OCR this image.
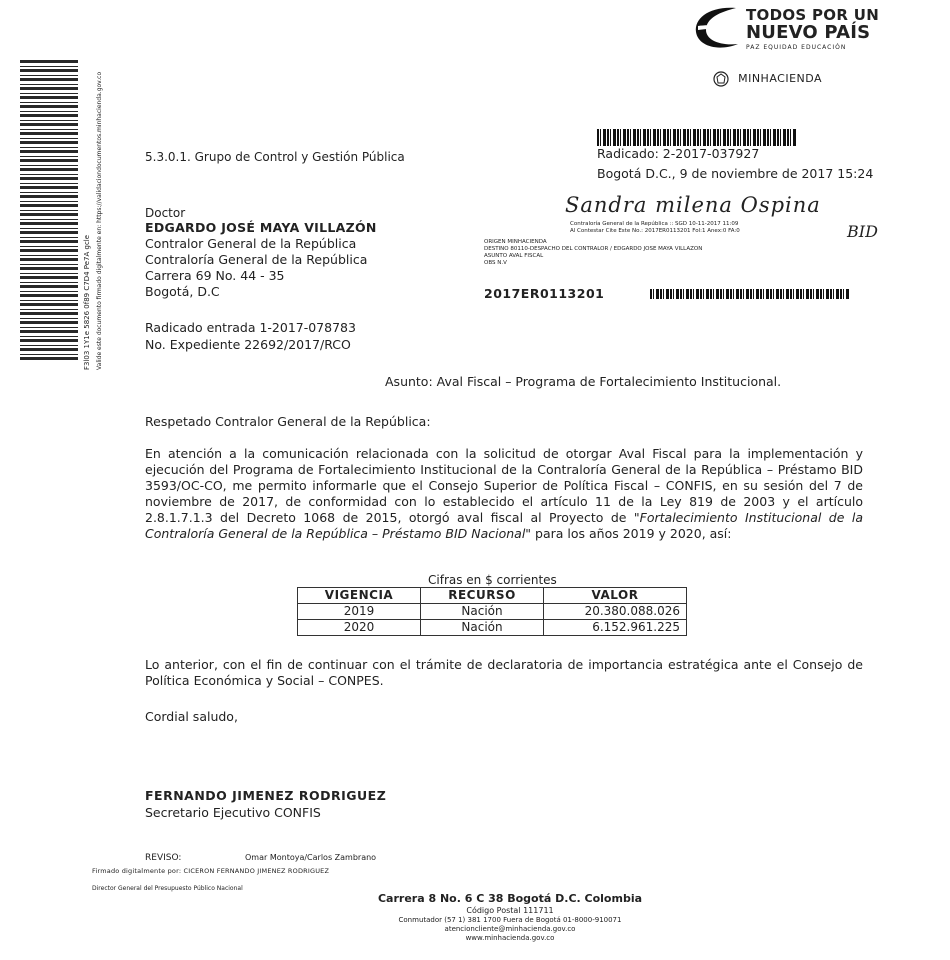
F3l03 1Y1e 5826 0f89 C7D4 Pe7A gcle Valide este documento firmado digitalmente en: https://validaciondocumentos.minhacienda.gov.co
TODOS POR UN
NUEVO PAÍS
PAZ EQUIDAD EDUCACIÓN
MINHACIENDA
5.3.0.1. Grupo de Control y Gestión Pública	Radicado: 2-2017-037927
Bogotá D.C., 9 de noviembre de 2017 15:24
Sandra milena Ospina
BID
Contraloría General de la República :: SGD 10-11-2017 11:09
Al Contestar Cite Este No.: 2017ER0113201 Fol:1 Anex:0 FA:0
ORIGEN MINHACIENDA
DESTINO 80110-DESPACHO DEL CONTRALOR / EDGARDO JOSE MAYA VILLAZON
ASUNTO AVAL FISCAL
OBS N.V
2017ER0113201
Doctor
EDGARDO JOSÉ MAYA VILLAZÓN
Contralor General de la República
Contraloría General de la República
Carrera 69 No. 44 - 35
Bogotá, D.C
Radicado entrada 1-2017-078783
No. Expediente 22692/2017/RCO
Asunto: Aval Fiscal – Programa de Fortalecimiento Institucional.
Respetado Contralor General de la República:
En atención a la comunicación relacionada con la solicitud de otorgar Aval Fiscal para la implementación y ejecución del Programa de Fortalecimiento Institucional de la Contraloría General de la República – Préstamo BID 3593/OC-CO, me permito informarle que el Consejo Superior de Política Fiscal – CONFIS, en su sesión del 7 de noviembre de 2017, de conformidad con lo establecido el artículo 11 de la Ley 819 de 2003 y el artículo 2.8.1.7.1.3 del Decreto 1068 de 2015, otorgó aval fiscal al Proyecto de "Fortalecimiento Institucional de la Contraloría General de la República – Préstamo BID Nacional" para los años 2019 y 2020, así:
Cifras en $ corrientes
VIGENCIA	RECURSO	VALOR
2019	Nación	20.380.088.026
2020	Nación	6.152.961.225
Lo anterior, con el fin de continuar con el trámite de declaratoria de importancia estratégica ante el Consejo de Política Económica y Social – CONPES.
Cordial saludo,
FERNANDO JIMENEZ RODRIGUEZ
Secretario Ejecutivo CONFIS
REVISO:	Omar Montoya/Carlos Zambrano
Firmado digitalmente por: CICERON FERNANDO JIMENEZ RODRIGUEZ
Director General del Presupuesto Público Nacional
Carrera 8 No. 6 C 38 Bogotá D.C. Colombia
Código Postal 111711
Conmutador (57 1) 381 1700 Fuera de Bogotá 01-8000-910071
atencioncliente@minhacienda.gov.co
www.minhacienda.gov.co
